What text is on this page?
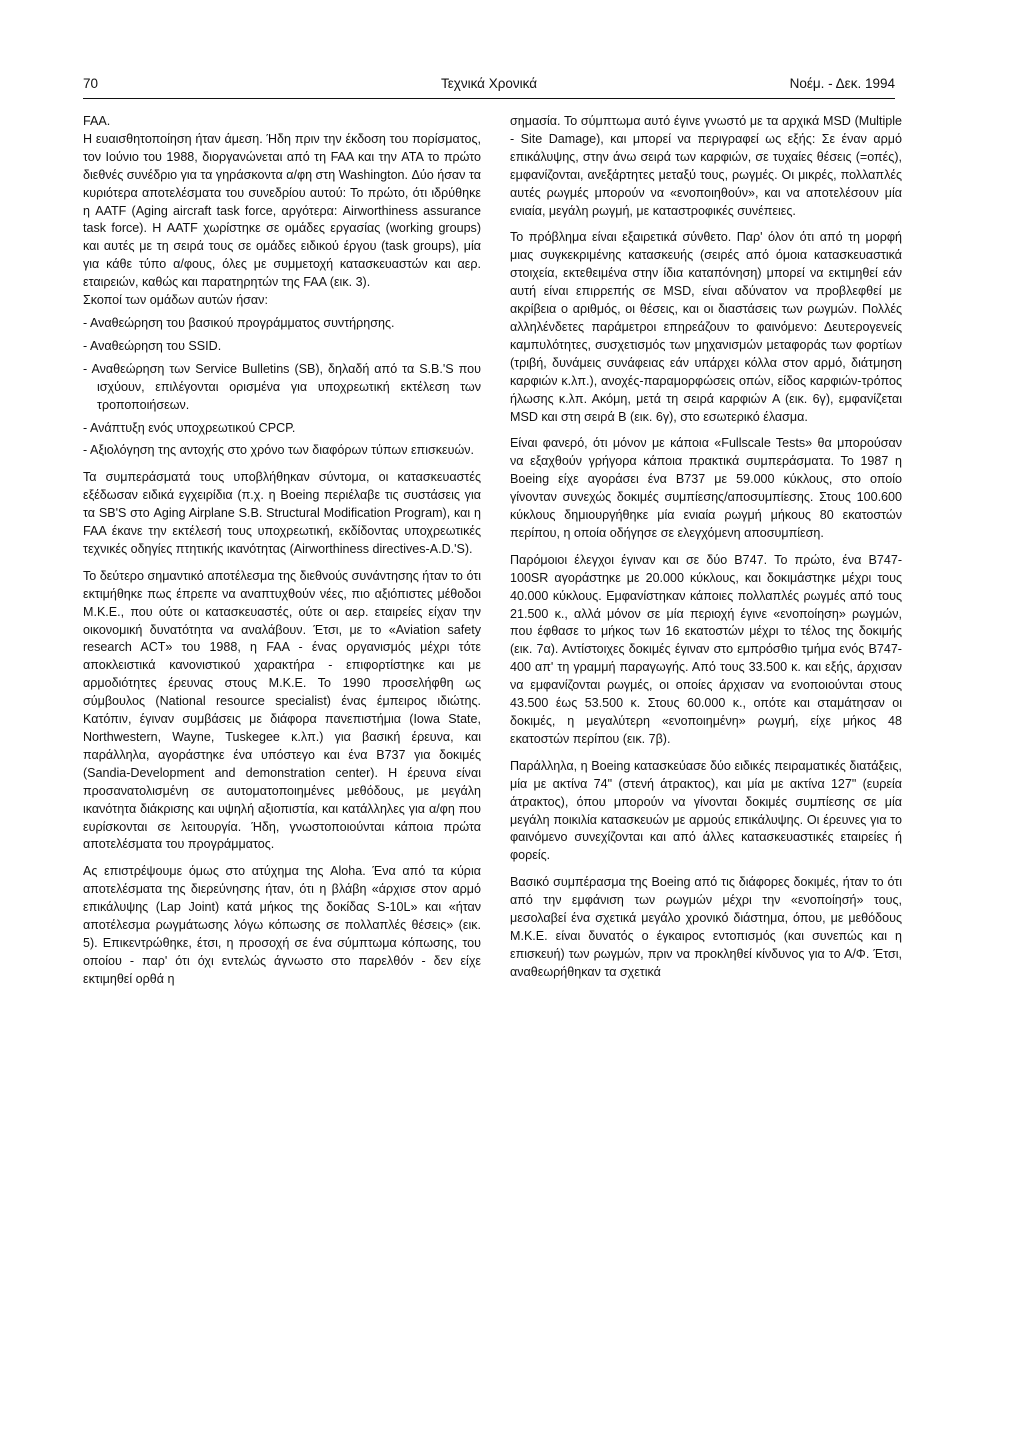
70	Τεχνικά Χρονικά	Νοέμ. - Δεκ. 1994

FAA.

Η ευαισθητοποίηση ήταν άμεση. Ήδη πριν την έκδοση του πορίσματος, τον Ιούνιο του 1988, διοργανώνεται από τη FAA και την ATA το πρώτο διεθνές συνέδριο για τα γηράσκοντα α/φη στη Washington. Δύο ήσαν τα κυριότερα αποτελέσματα του συνεδρίου αυτού: Το πρώτο, ότι ιδρύθηκε η AATF (Aging aircraft task force, αργότερα: Airworthiness assurance task force). Η AATF χωρίστηκε σε ομάδες εργασίας (working groups) και αυτές με τη σειρά τους σε ομάδες ειδικού έργου (task groups), μία για κάθε τύπο α/φους, όλες με συμμετοχή κατασκευαστών και αερ. εταιρειών, καθώς και παρατηρητών της FAA (εικ. 3).

Σκοποί των ομάδων αυτών ήσαν:

- Αναθεώρηση του βασικού προγράμματος συντήρησης.

- Αναθεώρηση του SSID.

- Αναθεώρηση των Service Bulletins (SB), δηλαδή από τα S.B.'S που ισχύουν, επιλέγονται ορισμένα για υποχρεωτική εκτέλεση των τροποποιήσεων.

- Ανάπτυξη ενός υποχρεωτικού CPCP.

- Αξιολόγηση της αντοχής στο χρόνο των διαφόρων τύπων επισκευών.

Τα συμπεράσματά τους υποβλήθηκαν σύντομα, οι κατασκευαστές εξέδωσαν ειδικά εγχειρίδια (π.χ. η Boeing περιέλαβε τις συστάσεις για τα SB'S στο Aging Airplane S.B. Structural Modification Program), και η FAA έκανε την εκτέλεσή τους υποχρεωτική, εκδίδοντας υποχρεωτικές τεχνικές οδηγίες πτητικής ικανότητας (Airworthiness directives-A.D.'S).

Το δεύτερο σημαντικό αποτέλεσμα της διεθνούς συνάντησης ήταν το ότι εκτιμήθηκε πως έπρεπε να αναπτυχθούν νέες, πιο αξιόπιστες μέθοδοι Μ.Κ.Ε., που ούτε οι κατασκευαστές, ούτε οι αερ. εταιρείες είχαν την οικονομική δυνατότητα να αναλάβουν. Έτσι, με το «Aviation safety research ACT» του 1988, η FAA - ένας οργανισμός μέχρι τότε αποκλειστικά κανονιστικού χαρακτήρα - επιφορτίστηκε και με αρμοδιότητες έρευνας στους Μ.Κ.Ε. Το 1990 προσελήφθη ως σύμβουλος (National resource specialist) ένας έμπειρος ιδιώτης. Κατόπιν, έγιναν συμβάσεις με διάφορα πανεπιστήμια (Iowa State, Northwestern, Wayne, Tuskegee κ.λπ.) για βασική έρευνα, και παράλληλα, αγοράστηκε ένα υπόστεγο και ένα B737 για δοκιμές (Sandia-Development and demonstration center). Η έρευνα είναι προσανατολισμένη σε αυτοματοποιημένες μεθόδους, με μεγάλη ικανότητα διάκρισης και υψηλή αξιοπιστία, και κατάλληλες για α/φη που ευρίσκονται σε λειτουργία. Ήδη, γνωστοποιούνται κάποια πρώτα αποτελέσματα του προγράμματος.

Ας επιστρέψουμε όμως στο ατύχημα της Aloha. Ένα από τα κύρια αποτελέσματα της διερεύνησης ήταν, ότι η βλάβη «άρχισε στον αρμό επικάλυψης (Lap Joint) κατά μήκος της δοκίδας S-10L» και «ήταν αποτέλεσμα ρωγμάτωσης λόγω κόπωσης σε πολλαπλές θέσεις» (εικ. 5). Επικεντρώθηκε, έτσι, η προσοχή σε ένα σύμπτωμα κόπωσης, του οποίου - παρ' ότι όχι εντελώς άγνωστο στο παρελθόν - δεν είχε εκτιμηθεί ορθά η

σημασία. Το σύμπτωμα αυτό έγινε γνωστό με τα αρχικά MSD (Multiple - Site Damage), και μπορεί να περιγραφεί ως εξής: Σε έναν αρμό επικάλυψης, στην άνω σειρά των καρφιών, σε τυχαίες θέσεις (=οπές), εμφανίζονται, ανεξάρτητες μεταξύ τους, ρωγμές. Οι μικρές, πολλαπλές αυτές ρωγμές μπορούν να «ενοποιηθούν», και να αποτελέσουν μία ενιαία, μεγάλη ρωγμή, με καταστροφικές συνέπειες.

Το πρόβλημα είναι εξαιρετικά σύνθετο. Παρ' όλον ότι από τη μορφή μιας συγκεκριμένης κατασκευής (σειρές από όμοια κατασκευαστικά στοιχεία, εκτεθειμένα στην ίδια καταπόνηση) μπορεί να εκτιμηθεί εάν αυτή είναι επιρρεπής σε MSD, είναι αδύνατον να προβλεφθεί με ακρίβεια ο αριθμός, οι θέσεις, και οι διαστάσεις των ρωγμών. Πολλές αλληλένδετες παράμετροι επηρεάζουν το φαινόμενο: Δευτερογενείς καμπυλότητες, συσχετισμός των μηχανισμών μεταφοράς των φορτίων (τριβή, δυνάμεις συνάφειας εάν υπάρχει κόλλα στον αρμό, διάτμηση καρφιών κ.λπ.), ανοχές-παραμορφώσεις οπών, είδος καρφιών-τρόπος ήλωσης κ.λπ. Ακόμη, μετά τη σειρά καρφιών A (εικ. 6γ), εμφανίζεται MSD και στη σειρά B (εικ. 6γ), στο εσωτερικό έλασμα.

Είναι φανερό, ότι μόνον με κάποια «Fullscale Tests» θα μπορούσαν να εξαχθούν γρήγορα κάποια πρακτικά συμπεράσματα. Το 1987 η Boeing είχε αγοράσει ένα B737 με 59.000 κύκλους, στο οποίο γίνονταν συνεχώς δοκιμές συμπίεσης/αποσυμπίεσης. Στους 100.600 κύκλους δημιουργήθηκε μία ενιαία ρωγμή μήκους 80 εκατοστών περίπου, η οποία οδήγησε σε ελεγχόμενη αποσυμπίεση.

Παρόμοιοι έλεγχοι έγιναν και σε δύο B747. Το πρώτο, ένα B747-100SR αγοράστηκε με 20.000 κύκλους, και δοκιμάστηκε μέχρι τους 40.000 κύκλους. Εμφανίστηκαν κάποιες πολλαπλές ρωγμές από τους 21.500 κ., αλλά μόνον σε μία περιοχή έγινε «ενοποίηση» ρωγμών, που έφθασε το μήκος των 16 εκατοστών μέχρι το τέλος της δοκιμής (εικ. 7α). Αντίστοιχες δοκιμές έγιναν στο εμπρόσθιο τμήμα ενός B747-400 απ' τη γραμμή παραγωγής. Από τους 33.500 κ. και εξής, άρχισαν να εμφανίζονται ρωγμές, οι οποίες άρχισαν να ενοποιούνται στους 43.500 έως 53.500 κ. Στους 60.000 κ., οπότε και σταμάτησαν οι δοκιμές, η μεγαλύτερη «ενοποιημένη» ρωγμή, είχε μήκος 48 εκατοστών περίπου (εικ. 7β).

Παράλληλα, η Boeing κατασκεύασε δύο ειδικές πειραματικές διατάξεις, μία με ακτίνα 74" (στενή άτρακτος), και μία με ακτίνα 127" (ευρεία άτρακτος), όπου μπορούν να γίνονται δοκιμές συμπίεσης σε μία μεγάλη ποικιλία κατασκευών με αρμούς επικάλυψης. Οι έρευνες για το φαινόμενο συνεχίζονται και από άλλες κατασκευαστικές εταιρείες ή φορείς.

Βασικό συμπέρασμα της Boeing από τις διάφορες δοκιμές, ήταν το ότι από την εμφάνιση των ρωγμών μέχρι την «ενοποίησή» τους, μεσολαβεί ένα σχετικά μεγάλο χρονικό διάστημα, όπου, με μεθόδους Μ.Κ.Ε. είναι δυνατός ο έγκαιρος εντοπισμός (και συνεπώς και η επισκευή) των ρωγμών, πριν να προκληθεί κίνδυνος για το Α/Φ. Έτσι, αναθεωρήθηκαν τα σχετικά
